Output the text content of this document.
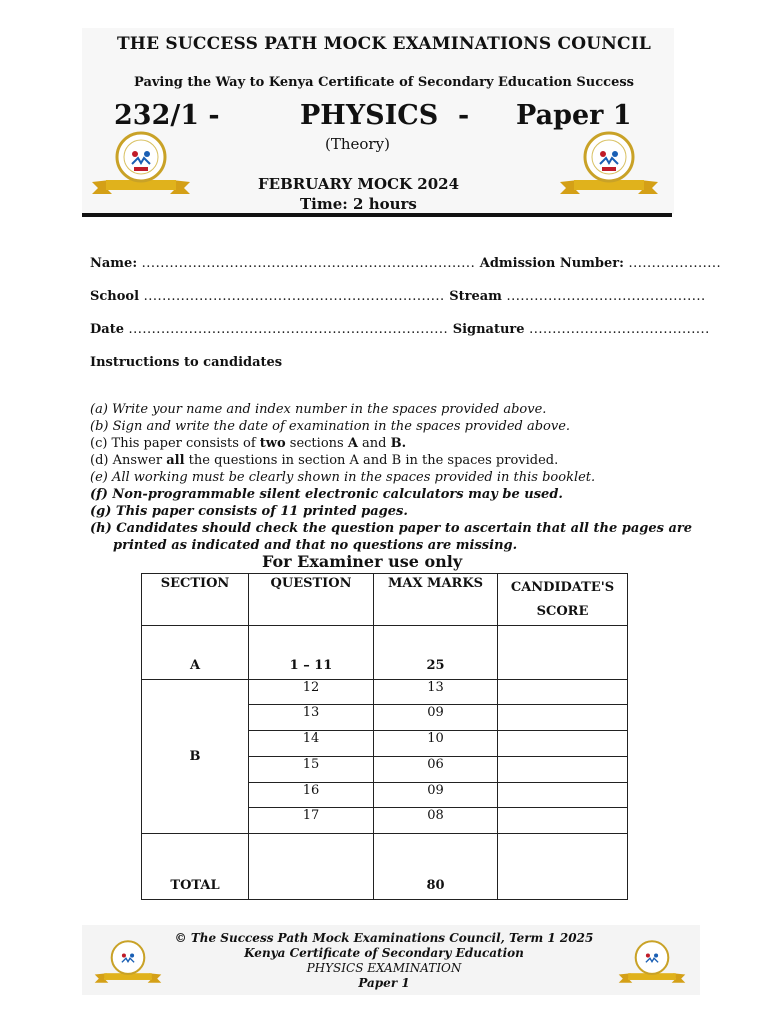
THE SUCCESS PATH MOCK EXAMINATIONS COUNCIL
Paving the Way to Kenya Certificate of Secondary Education Success
232/1 -	PHYSICS - Paper 1
(Theory)
FEBRUARY MOCK 2024
Time: 2 hours
Name: ........................................................................ Admission Number: ....................
School ................................................................. Stream ...........................................
Date ..................................................................... Signature .......................................
Instructions to candidates
(a) Write your name and index number in the spaces provided above.
(b) Sign and write the date of examination in the spaces provided above.
(c) This paper consists of two sections A and B.
(d) Answer all the questions in section A and B in the spaces provided.
(e) All working must be clearly shown in the spaces provided in this booklet.
(f) Non-programmable silent electronic calculators may be used.
(g) This paper consists of 11 printed pages.
(h) Candidates should check the question paper to ascertain that all the pages are
printed as indicated and that no questions are missing.
For Examiner use only
SECTION	QUESTION	MAX MARKS	CANDIDATE'S
SCORE

A	1 – 11	25	
B	12	13	
	13	09	
	14	10	
	15	06	
	16	09	
	17	08	
TOTAL		80	
© The Success Path Mock Examinations Council, Term 1 2025
Kenya Certificate of Secondary Education
PHYSICS EXAMINATION
Paper 1
